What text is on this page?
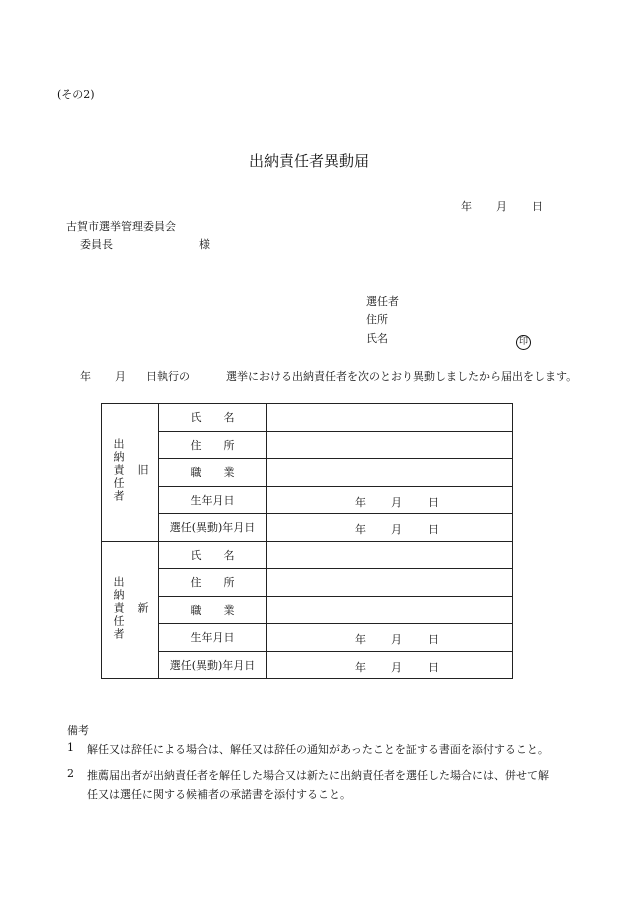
(その2)
出納責任者異動届
年 月 日
古賀市選挙管理委員会
委員長	様
選任者
住所
氏名	印
年 月 日執行の	選挙における出納責任者を次のとおり異動しましたから届出をします。
旧

出納責任者	氏　　名	
	住　　所	
	職　　業	
	生年月日	年 月 日

	選任(異動)年月日	年 月 日

新

出納責任者	氏　　名	
	住　　所	
	職　　業	
	生年月日	年 月 日

	選任(異動)年月日	年 月 日
備考
1 解任又は辞任による場合は、解任又は辞任の通知があったことを証する書面を添付すること。
2 推薦届出者が出納責任者を解任した場合又は新たに出納責任者を選任した場合には、併せて解
任又は選任に関する候補者の承諾書を添付すること。
